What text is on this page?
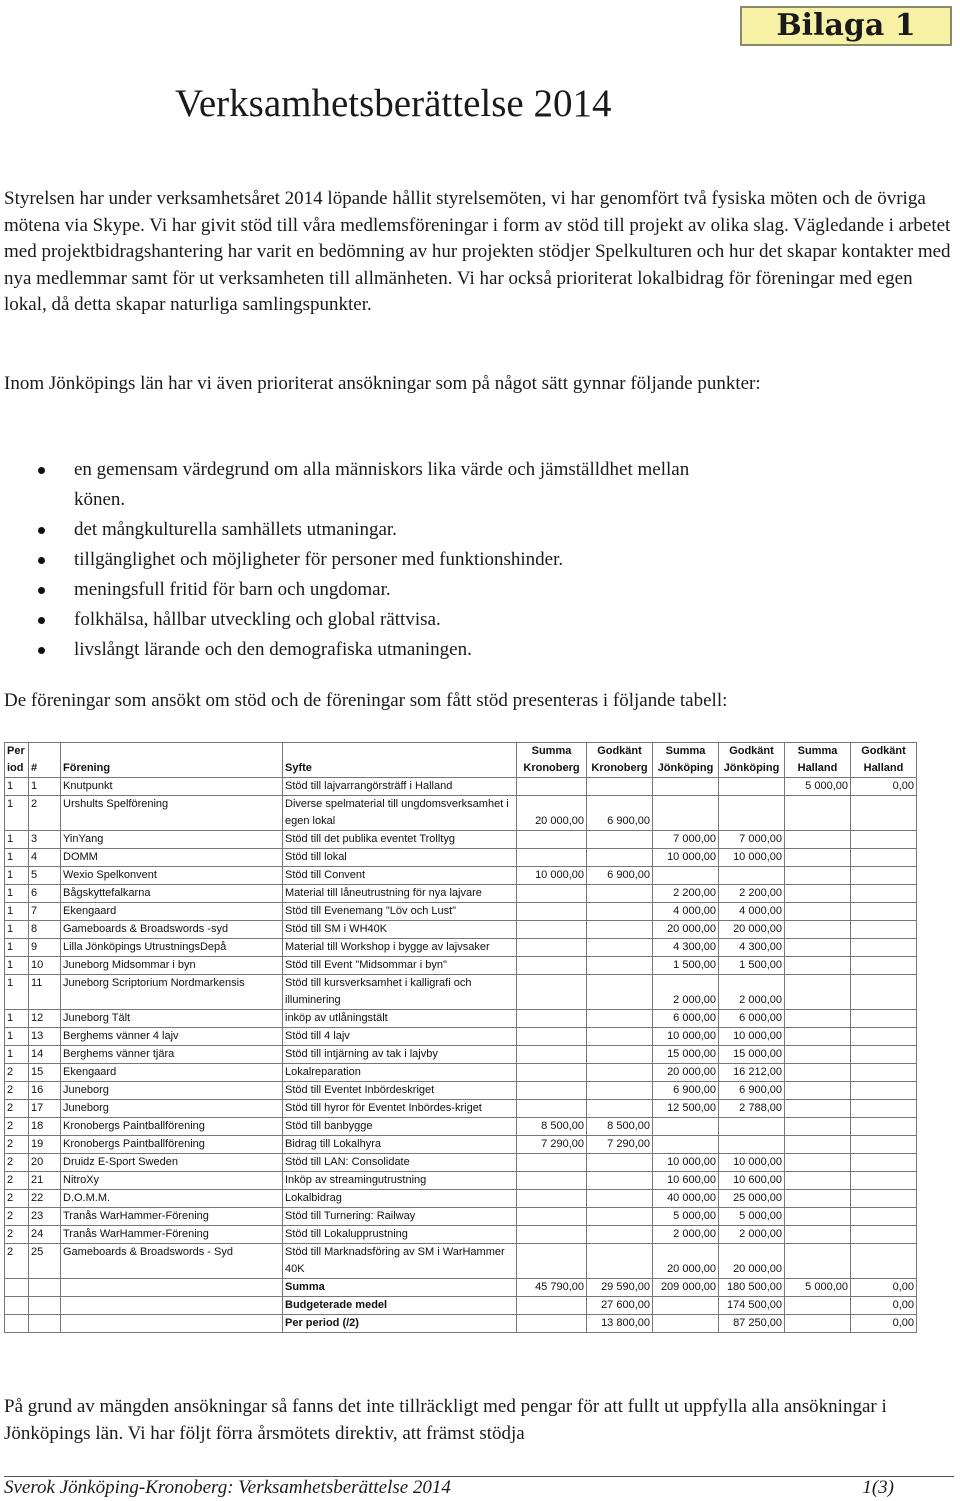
Bilaga 1
Verksamhetsberättelse 2014

Styrelsen har under verksamhetsåret 2014 löpande hållit styrelsemöten, vi har genomfört två fysiska möten och de övriga mötena via Skype. Vi har givit stöd till våra medlemsföreningar i form av stöd till projekt av olika slag. Vägledande i arbetet med projektbidragshantering har varit en bedömning av hur projekten stödjer Spelkulturen och hur det skapar kontakter med nya medlemmar samt för ut verksamheten till allmänheten. Vi har också prioriterat lokalbidrag för föreningar med egen lokal, då detta skapar naturliga samlingspunkter.

Inom Jönköpings län har vi även prioriterat ansökningar som på något sätt gynnar följande punkter:

en gemensam värdegrund om alla människors lika värde och jämställdhet mellan
könen.
det mångkulturella samhällets utmaningar.
tillgänglighet och möjligheter för personer med funktionshinder.
meningsfull fritid för barn och ungdomar.
folkhälsa, hållbar utveckling och global rättvisa.
livslångt lärande och den demografiska utmaningen.

De föreningar som ansökt om stöd och de föreningar som fått stöd presenteras i följande tabell:

Per iod	#	Förening	Syfte	Summa Kronoberg	Godkänt Kronoberg	Summa Jönköping	Godkänt Jönköping	Summa Halland	Godkänt Halland
1	1	Knutpunkt	Stöd till lajvarrangörsträff i Halland					5 000,00	0,00
1	2	Urshults Spelförening	Diverse spelmaterial till ungdomsverksamhet i egen lokal	20 000,00	6 900,00				
1	3	YinYang	Stöd till det publika eventet Trolltyg			7 000,00	7 000,00		
1	4	DOMM	Stöd till lokal			10 000,00	10 000,00		
1	5	Wexio Spelkonvent	Stöd till Convent	10 000,00	6 900,00				
1	6	Bågskyttefalkarna	Material till låneutrustning för nya lajvare			2 200,00	2 200,00		
1	7	Ekengaard	Stöd till Evenemang "Löv och Lust"			4 000,00	4 000,00		
1	8	Gameboards & Broadswords -syd	Stöd till SM i WH40K			20 000,00	20 000,00		
1	9	Lilla Jönköpings UtrustningsDepå	Material till Workshop i bygge av lajvsaker			4 300,00	4 300,00		
1	10	Juneborg Midsommar i byn	Stöd till Event "Midsommar i byn"			1 500,00	1 500,00		
1	11	Juneborg Scriptorium Nordmarkensis	Stöd till kursverksamhet i kalligrafi och illuminering			2 000,00	2 000,00		
1	12	Juneborg Tält	inköp av utlåningstält			6 000,00	6 000,00		
1	13	Berghems vänner 4 lajv	Stöd till 4 lajv			10 000,00	10 000,00		
1	14	Berghems vänner tjära	Stöd till intjärning av tak i lajvby			15 000,00	15 000,00		
2	15	Ekengaard	Lokalreparation			20 000,00	16 212,00		
2	16	Juneborg	Stöd till Eventet Inbördeskriget			6 900,00	6 900,00		
2	17	Juneborg	Stöd till hyror för Eventet Inbördes-kriget			12 500,00	2 788,00		
2	18	Kronobergs Paintballförening	Stöd till banbygge	8 500,00	8 500,00				
2	19	Kronobergs Paintballförening	Bidrag till Lokalhyra	7 290,00	7 290,00				
2	20	Druidz E-Sport Sweden	Stöd till LAN: Consolidate			10 000,00	10 000,00		
2	21	NitroXy	Inköp av streamingutrustning			10 600,00	10 600,00		
2	22	D.O.M.M.	Lokalbidrag			40 000,00	25 000,00		
2	23	Tranås WarHammer-Förening	Stöd till Turnering: Railway			5 000,00	5 000,00		
2	24	Tranås WarHammer-Förening	Stöd till Lokalupprustning			2 000,00	2 000,00		
2	25	Gameboards & Broadswords - Syd	Stöd till Marknadsföring av SM i WarHammer 40K			20 000,00	20 000,00		
			Summa	45 790,00	29 590,00	209 000,00	180 500,00	5 000,00	0,00
			Budgeterade medel		27 600,00		174 500,00		0,00
			Per period (/2)		13 800,00		87 250,00		0,00

På grund av mängden ansökningar så fanns det inte tillräckligt med pengar för att fullt ut uppfylla alla ansökningar i Jönköpings län. Vi har följt förra årsmötets direktiv, att främst stödja

Sverok Jönköping-Kronoberg: Verksamhetsberättelse 2014	1(3)
